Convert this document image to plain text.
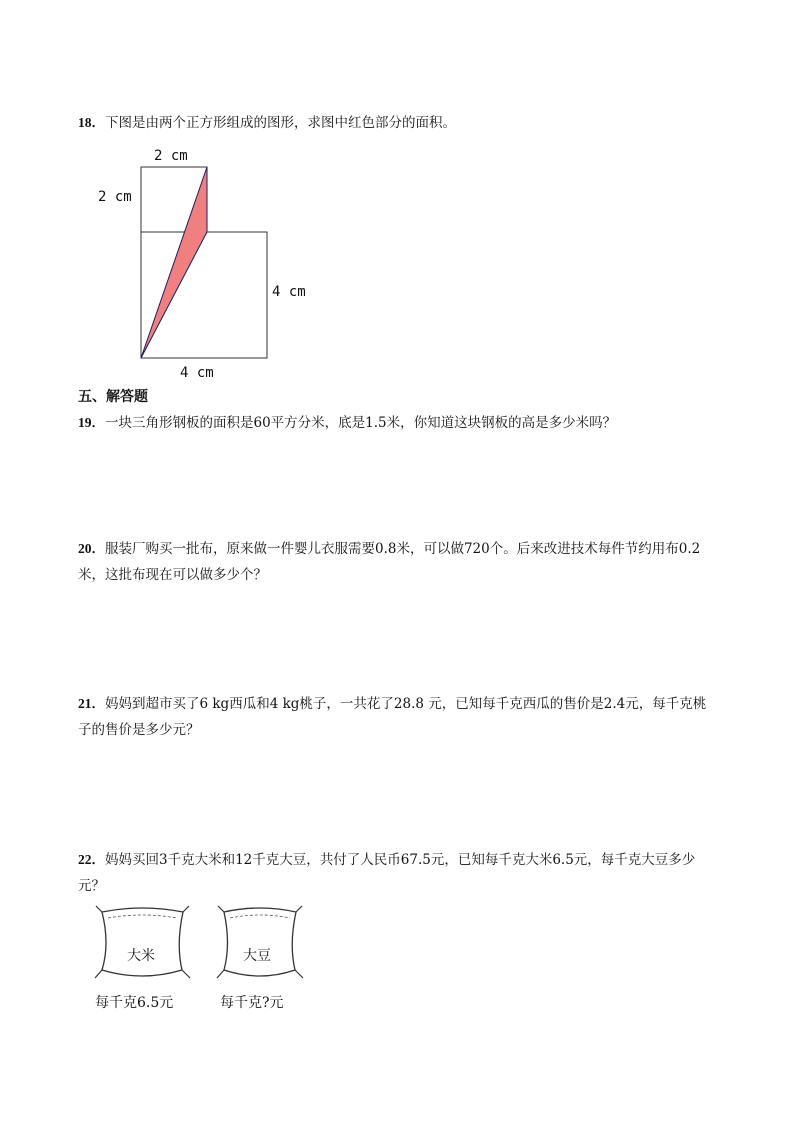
18．下图是由两个正方形组成的图形，求图中红色部分的面积。
2 cm
2 cm
4 cm
4 cm
五、解答题
19．一块三角形钢板的面积是60平方分米，底是1.5米，你知道这块钢板的高是多少米吗？
20．服装厂购买一批布，原来做一件婴儿衣服需要0.8米，可以做720个。后来改进技术每件节约用布0.2米，这批布现在可以做多少个？
21．妈妈到超市买了6 kg西瓜和4 kg桃子，一共花了28.8 元，已知每千克西瓜的售价是2.4元，每千克桃子的售价是多少元？
22．妈妈买回3千克大米和12千克大豆，共付了人民币67.5元，已知每千克大米6.5元，每千克大豆多少元？
大米
每千克6.5元
大豆
每千克?元
